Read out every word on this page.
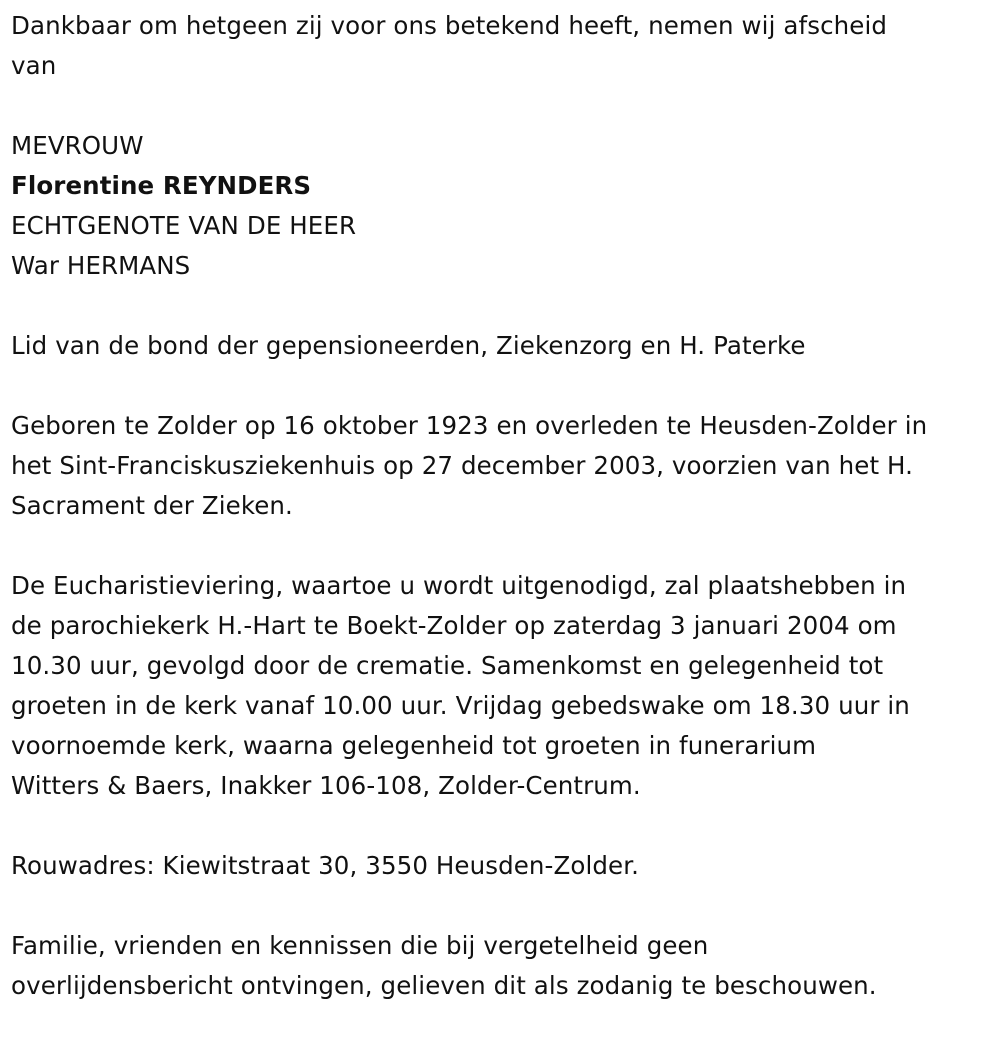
Dankbaar om hetgeen zij voor ons betekend heeft, nemen wij afscheid
van
MEVROUW
Florentine REYNDERS
ECHTGENOTE VAN DE HEER
War HERMANS
Lid van de bond der gepensioneerden, Ziekenzorg en H. Paterke
Geboren te Zolder op 16 oktober 1923 en overleden te Heusden-Zolder in
het Sint-Franciskusziekenhuis op 27 december 2003, voorzien van het H.
Sacrament der Zieken.
De Eucharistieviering, waartoe u wordt uitgenodigd, zal plaatshebben in
de parochiekerk H.-Hart te Boekt-Zolder op zaterdag 3 januari 2004 om
10.30 uur, gevolgd door de crematie. Samenkomst en gelegenheid tot
groeten in de kerk vanaf 10.00 uur. Vrijdag gebedswake om 18.30 uur in
voornoemde kerk, waarna gelegenheid tot groeten in funerarium
Witters & Baers, Inakker 106-108, Zolder-Centrum.
Rouwadres: Kiewitstraat 30, 3550 Heusden-Zolder.
Familie, vrienden en kennissen die bij vergetelheid geen
overlijdensbericht ontvingen, gelieven dit als zodanig te beschouwen.
